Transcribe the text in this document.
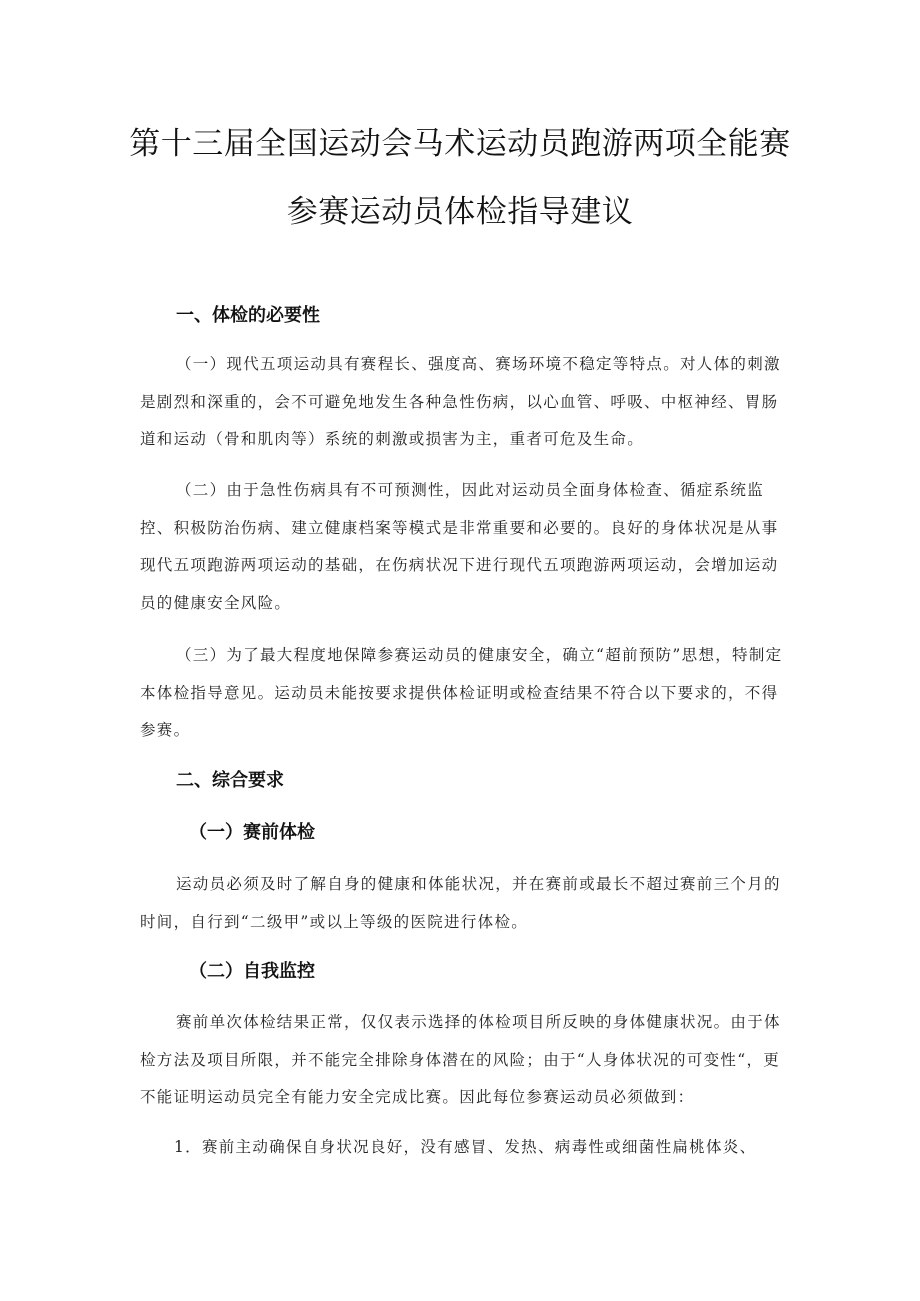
第十三届全国运动会马术运动员跑游两项全能赛
参赛运动员体检指导建议
一、体检的必要性

（一）现代五项运动具有赛程长、强度高、赛场环境不稳定等特点。对人体的刺激是剧烈和深重的，会不可避免地发生各种急性伤病，以心血管、呼吸、中枢神经、胃肠道和运动（骨和肌肉等）系统的刺激或损害为主，重者可危及生命。

（二）由于急性伤病具有不可预测性，因此对运动员全面身体检查、循症系统监控、积极防治伤病、建立健康档案等模式是非常重要和必要的。良好的身体状况是从事现代五项跑游两项运动的基础，在伤病状况下进行现代五项跑游两项运动，会增加运动员的健康安全风险。

（三）为了最大程度地保障参赛运动员的健康安全，确立“超前预防”思想，特制定本体检指导意见。运动员未能按要求提供体检证明或检查结果不符合以下要求的，不得参赛。

二、综合要求
（一）赛前体检

运动员必须及时了解自身的健康和体能状况，并在赛前或最长不超过赛前三个月的时间，自行到“二级甲”或以上等级的医院进行体检。

（二）自我监控

赛前单次体检结果正常，仅仅表示选择的体检项目所反映的身体健康状况。由于体检方法及项目所限，并不能完全排除身体潜在的风险；由于“人身体状况的可变性“，更不能证明运动员完全有能力安全完成比赛。因此每位参赛运动员必须做到：

1．赛前主动确保自身状况良好，没有感冒、发热、病毒性或细菌性扁桃体炎、
